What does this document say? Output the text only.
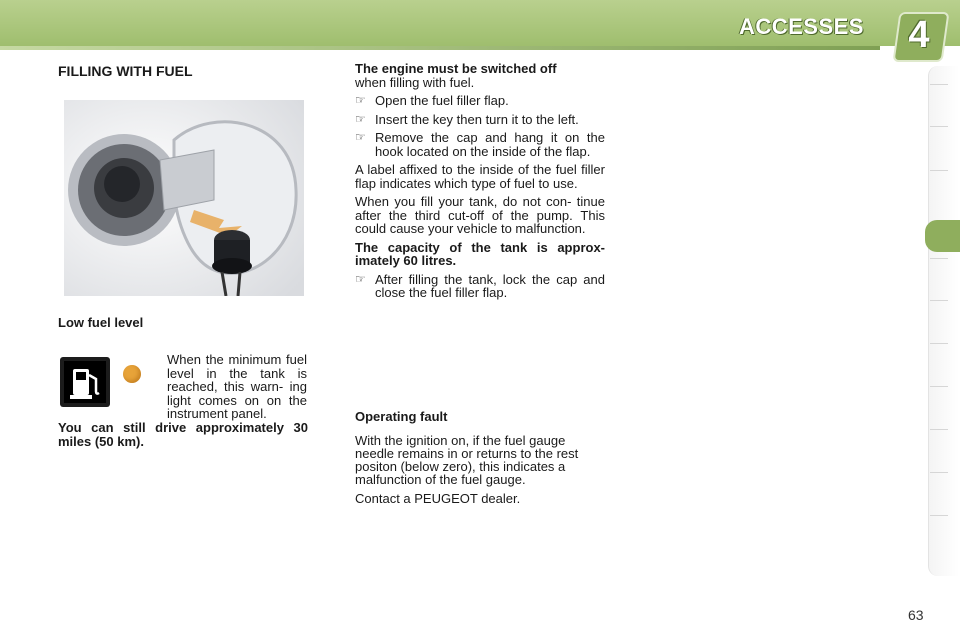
ACCESSES	4
FILLING WITH FUEL
Low fuel level
When the minimum fuel level in the tank is reached, this warn- ing light comes on on the instrument panel.
You can still drive approximately 30 miles (50 km).

The engine must be switched off
when filling with fuel.

☞ Open the fuel filler flap.
☞ Insert the key then turn it to the left.
☞ Remove the cap and hang it on the hook located on the inside of the flap.

A label affixed to the inside of the fuel filler flap indicates which type of fuel to use.

When you fill your tank, do not con- tinue after the third cut-off of the pump. This could cause your vehicle to malfunction.

The capacity of the tank is approx- imately 60 litres.

☞ After filling the tank, lock the cap and close the fuel filler flap.
Operating fault

With the ignition on, if the fuel gauge needle remains in or returns to the rest positon (below zero), this indicates a malfunction of the fuel gauge.

Contact a PEUGEOT dealer.

63
